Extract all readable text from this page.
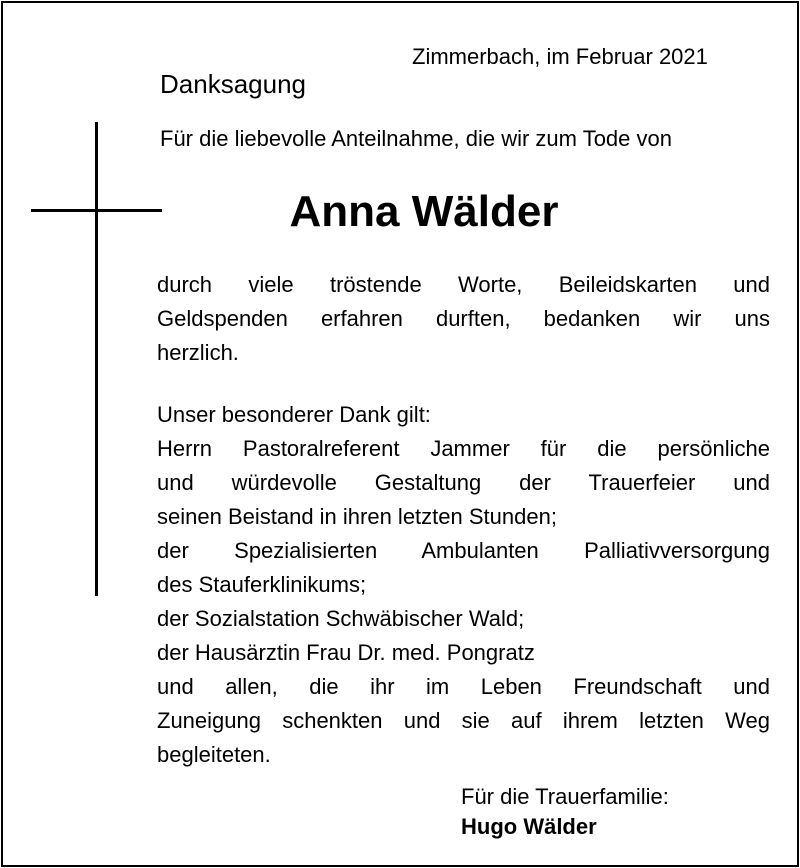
Zimmerbach, im Februar 2021
Danksagung
Für die liebevolle Anteilnahme, die wir zum Tode von
Anna Wälder
durch viele tröstende Worte, Beileidskarten und
Geldspenden erfahren durften, bedanken wir uns
herzlich.
Unser besonderer Dank gilt:
Herrn Pastoralreferent Jammer für die persönliche
und würdevolle Gestaltung der Trauerfeier und
seinen Beistand in ihren letzten Stunden;
der Spezialisierten Ambulanten Palliativversorgung
des Stauferklinikums;
der Sozialstation Schwäbischer Wald;
der Hausärztin Frau Dr. med. Pongratz
und allen, die ihr im Leben Freundschaft und
Zuneigung schenkten und sie auf ihrem letzten Weg
begleiteten.
Für die Trauerfamilie:
Hugo Wälder
